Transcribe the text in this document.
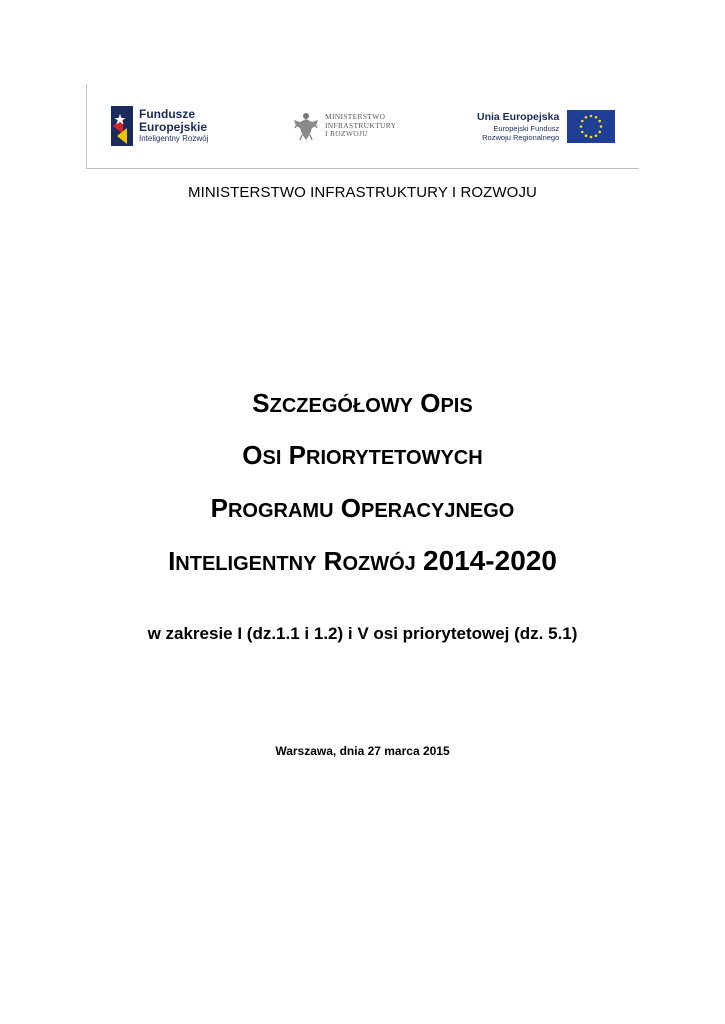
Fundusze
Europejskie
Inteligentny Rozwój
MINISTERSTWO
INFRASTRUKTURY
I ROZWOJU
Unia Europejska
Europejski Fundusz
Rozwoju Regionalnego
MINISTERSTWO INFRASTRUKTURY I ROZWOJU
SZCZEGÓŁOWY OPIS
OSI PRIORYTETOWYCH
PROGRAMU OPERACYJNEGO
INTELIGENTNY ROZWÓJ 2014-2020
w zakresie I (dz.1.1 i 1.2) i V osi priorytetowej (dz. 5.1)
Warszawa, dnia 27 marca 2015
